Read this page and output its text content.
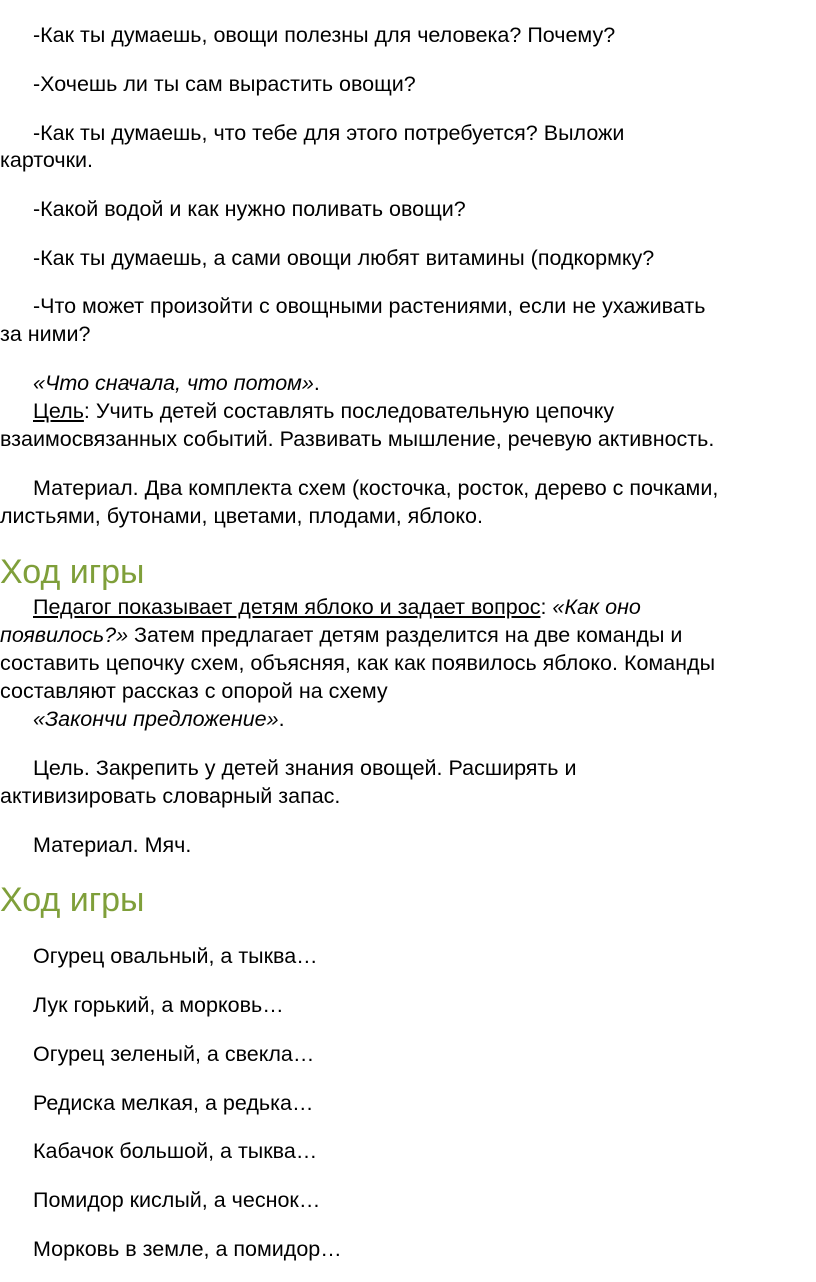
-Как ты думаешь, овощи полезны для человека? Почему?
-Хочешь ли ты сам вырастить овощи?
-Как ты думаешь, что тебе для этого потребуется? Выложи
карточки.
-Какой водой и как нужно поливать овощи?
-Как ты думаешь, а сами овощи любят витамины (подкормку?
-Что может произойти с овощными растениями, если не ухаживать
за ними?
«Что сначала, что потом».
Цель: Учить детей составлять последовательную цепочку
взаимосвязанных событий. Развивать мышление, речевую активность.
Материал. Два комплекта схем (косточка, росток, дерево с почками,
листьями, бутонами, цветами, плодами, яблоко.
Ход игры
Педагог показывает детям яблоко и задает вопрос: «Как оно
появилось?» Затем предлагает детям разделится на две команды и
составить цепочку схем, объясняя, как как появилось яблоко. Команды
составляют рассказ с опорой на схему
«Закончи предложение».
Цель. Закрепить у детей знания овощей. Расширять и
активизировать словарный запас.
Материал. Мяч.
Ход игры
Огурец овальный, а тыква…
Лук горький, а морковь…
Огурец зеленый, а свекла…
Редиска мелкая, а редька…
Кабачок большой, а тыква…
Помидор кислый, а чеснок…
Морковь в земле, а помидор…
